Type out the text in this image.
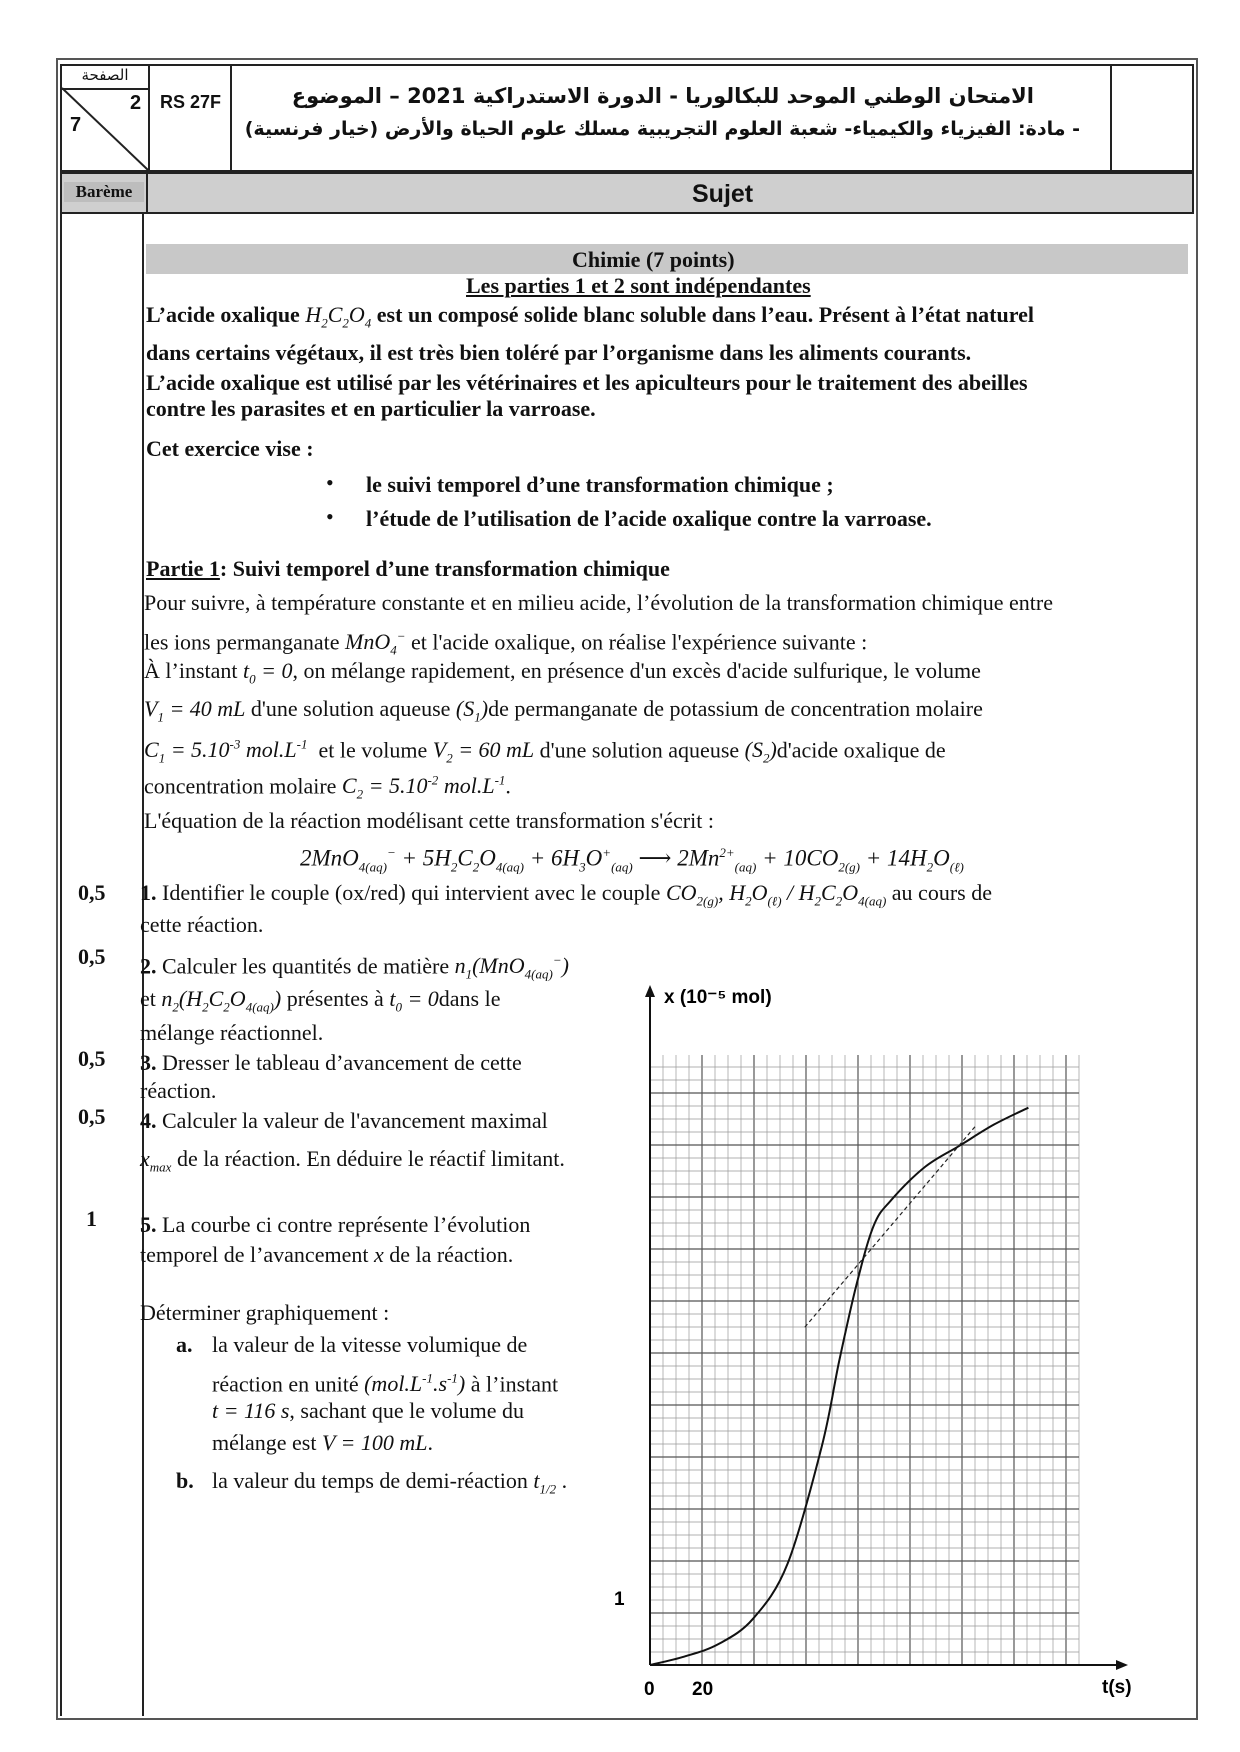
الصفحة
2
7
RS 27F	الامتحان الوطني الموحد للبكالوريا - الدورة الاستدراكية 2021 – الموضوع
- مادة: الفيزياء والكيمياء- شعبة العلوم التجريبية مسلك علوم الحياة والأرض (خيار فرنسية)
Barème	Sujet
Chimie (7 points)
Les parties 1 et 2 sont indépendantes
L’acide oxalique $H_2C_2O_4$ est un composé solide blanc soluble dans l’eau. Présent à l’état naturel
dans certains végétaux, il est très bien toléré par l’organisme dans les aliments courants.
L’acide oxalique est utilisé par les vétérinaires et les apiculteurs pour le traitement des abeilles
contre les parasites et en particulier la varroase.
Cet exercice vise :
• le suivi temporel d’une transformation chimique ;
• l’étude de l’utilisation de l’acide oxalique contre la varroase.
Partie 1: Suivi temporel d’une transformation chimique
Pour suivre, à température constante et en milieu acide, l’évolution de la transformation chimique entre
les ions permanganate MnO$_4$− et l'acide oxalique, on réalise l'expérience suivante :
À l’instant $t_0 = 0$, on mélange rapidement, en présence d'un excès d'acide sulfurique, le volume
$V_1 = 40$ mL d'une solution aqueuse $(S_1)de$ permanganate de potassium de concentration molaire
$C_1 = 5.10^{-3}$ $mol.L^{-1}$ et le volume $V_2 = 60$ mL d'une solution aqueuse $(S_2)d'acide$ oxalique de
concentration molaire $C_2 = 5.10^{-2}$ $mol.L^{-1}$.
L'équation de la réaction modélisant cette transformation s'écrit :
$2MnO_{4(aq)}^- + 5H_2C_2O_{4(aq)} + 6H_3O^+_{(aq)}$ ⟶ $2Mn^{2+}_{(aq)} + 10CO_{2(g)} + 14H_2O_{(\ell)}$
0,5 1. Identifier le couple (ox/red) qui intervient avec le couple $CO_{2(g)}$, $H_2O_{(\ell)} / H_2C_2O_{4(aq)}$ au cours de
cette réaction.
0,5 2. Calculer les quantités de matière $n_1(MnO_{4(aq)}^-)$
et $n_2(H_2C_2O_{4(aq)})$ présentes à $t_0$ = 0dans le
mélange réactionnel.
0,5 3. Dresser le tableau d’avancement de cette
réaction.
0,5 4. Calculer la valeur de l'avancement maximal
$x_{max}$ de la réaction. En déduire le réactif limitant.
1 5. La courbe ci contre représente l’évolution
temporel de l’avancement x de la réaction.
Déterminer graphiquement :
a. la valeur de la vitesse volumique de
réaction en unité $(mol.L^{-1}.s^{-1})$ à l’instant
t = 116 s, sachant que le volume du
mélange est V = 100 mL.
b. la valeur du temps de demi-réaction $t_{1/2}$ .
x (10⁻⁵ mol)
t(s)
0 20
1
